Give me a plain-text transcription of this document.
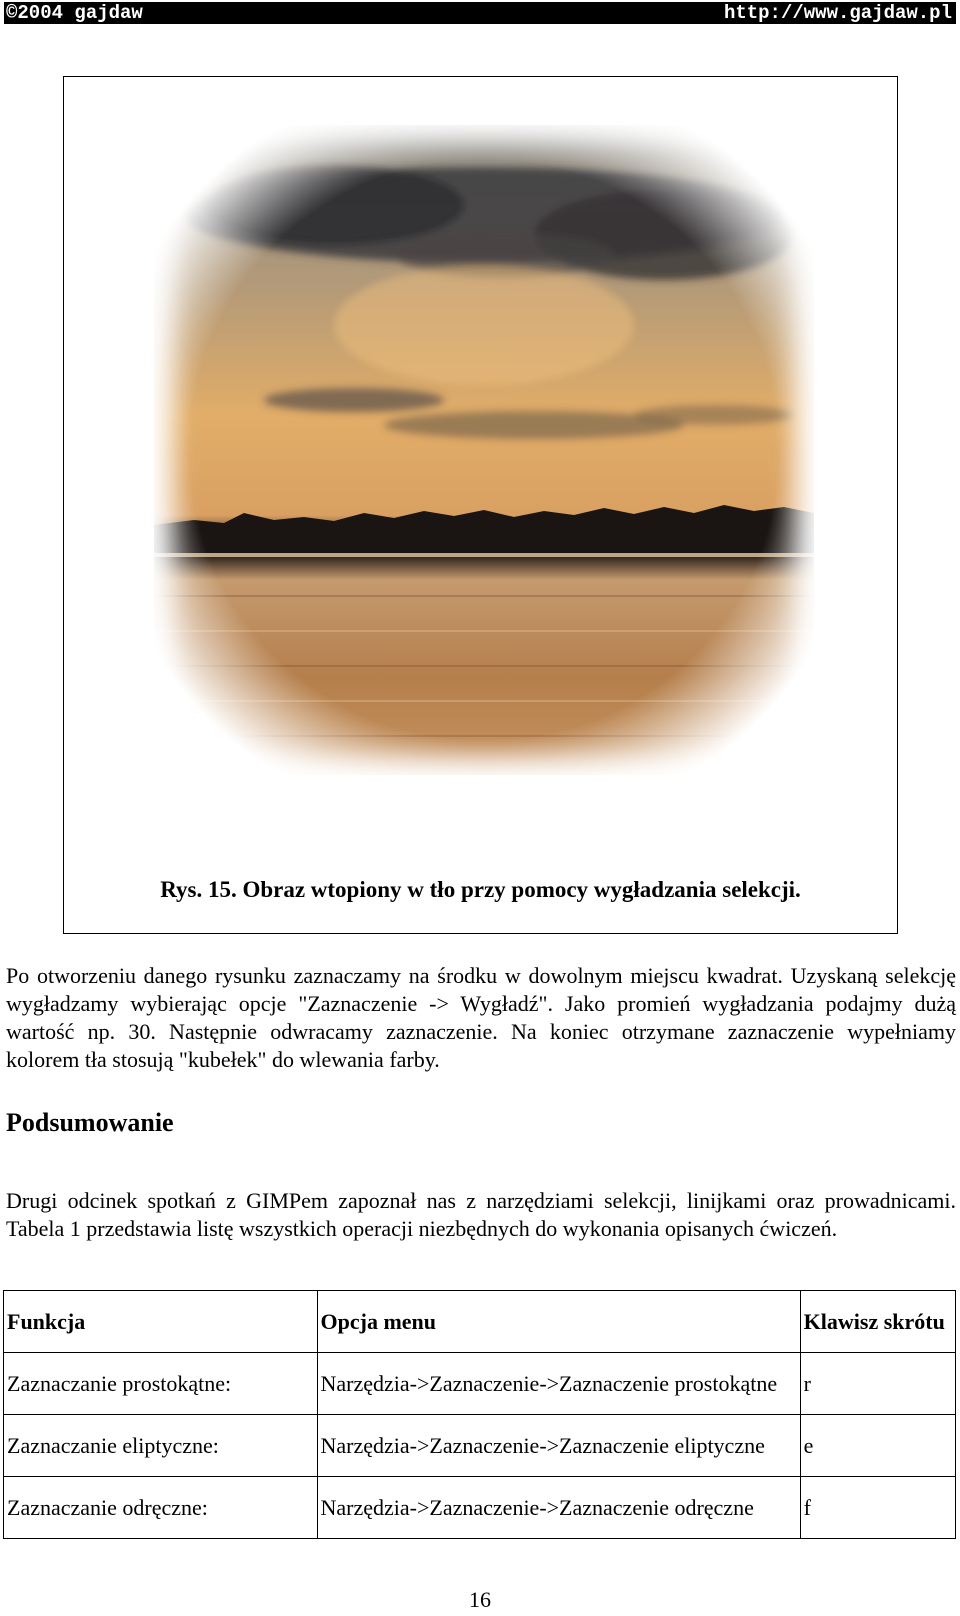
©2004 gajdaw	http://www.gajdaw.pl
Rys. 15. Obraz wtopiony w tło przy pomocy wygładzania selekcji.

Po otworzeniu danego rysunku zaznaczamy na środku w dowolnym miejscu kwadrat. Uzyskaną selekcję wygładzamy wybierając opcje "Zaznaczenie -> Wygładź". Jako promień wygładzania podajmy dużą wartość np. 30. Następnie odwracamy zaznaczenie. Na koniec otrzymane zaznaczenie wypełniamy kolorem tła stosują "kubełek" do wlewania farby.

Podsumowanie

Drugi odcinek spotkań z GIMPem zapoznał nas z narzędziami selekcji, linijkami oraz prowadnicami. Tabela 1 przedstawia listę wszystkich operacji niezbędnych do wykonania opisanych ćwiczeń.

Funkcja	Opcja menu	Klawisz skrótu
Zaznaczanie prostokątne:	Narzędzia->Zaznaczenie->Zaznaczenie prostokątne	r
Zaznaczanie eliptyczne:	Narzędzia->Zaznaczenie->Zaznaczenie eliptyczne	e
Zaznaczanie odręczne:	Narzędzia->Zaznaczenie->Zaznaczenie odręczne	f
16
